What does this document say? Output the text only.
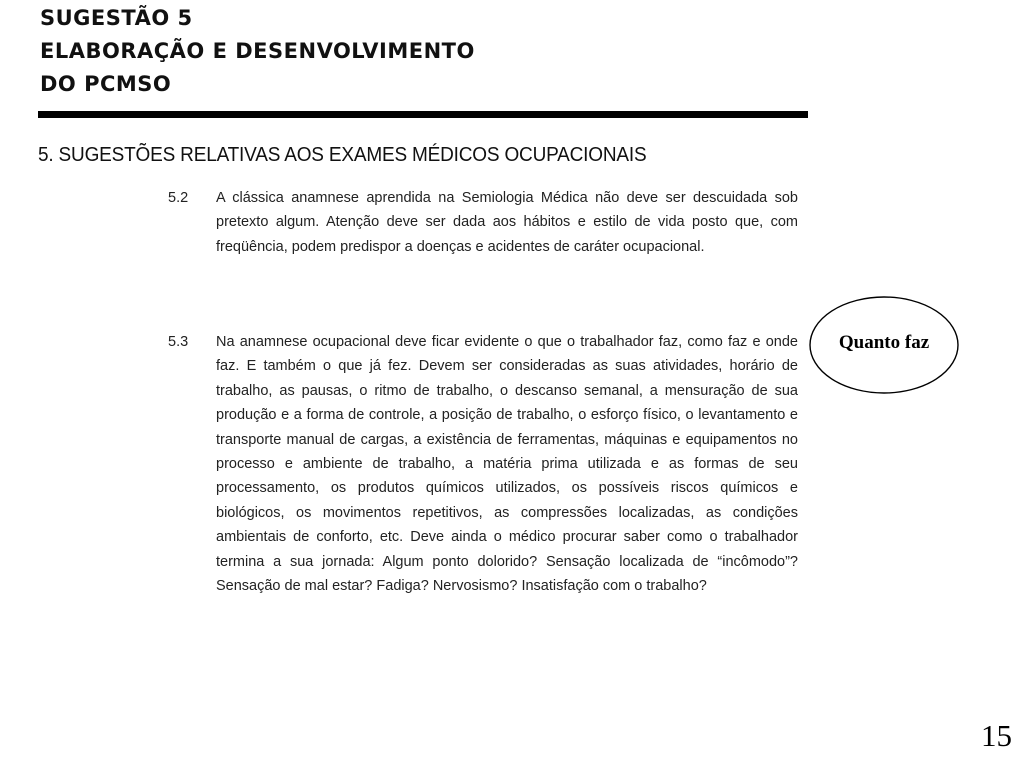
SUGESTÃO 5
ELABORAÇÃO E DESENVOLVIMENTO
DO PCMSO
5. SUGESTÕES RELATIVAS AOS EXAMES MÉDICOS OCUPACIONAIS
5.2	A clássica anamnese aprendida na Semiologia Médica não deve ser descuidada sob pretexto algum. Atenção deve ser dada aos hábitos e estilo de vida posto que, com freqüência, podem predispor a doenças e acidentes de caráter ocupacional.
5.3	Na anamnese ocupacional deve ficar evidente o que o trabalhador faz, como faz e onde faz. E também o que já fez. Devem ser consideradas as suas atividades, horário de trabalho, as pausas, o ritmo de trabalho, o descanso semanal, a mensuração de sua produção e a forma de controle, a posição de trabalho, o esforço físico, o levantamento e transporte manual de cargas, a existência de ferramentas, máquinas e equipamentos no processo e ambiente de trabalho, a matéria prima utilizada e as formas de seu processamento, os produtos químicos utilizados, os possíveis riscos químicos e biológicos, os movimentos repetitivos, as compressões localizadas, as condições ambientais de conforto, etc. Deve ainda o médico procurar saber como o trabalhador termina a sua jornada: Algum ponto dolorido? Sensação localizada de “incômodo”? Sensação de mal estar? Fadiga? Nervosismo? Insatisfação com o trabalho?
Quanto faz
15
